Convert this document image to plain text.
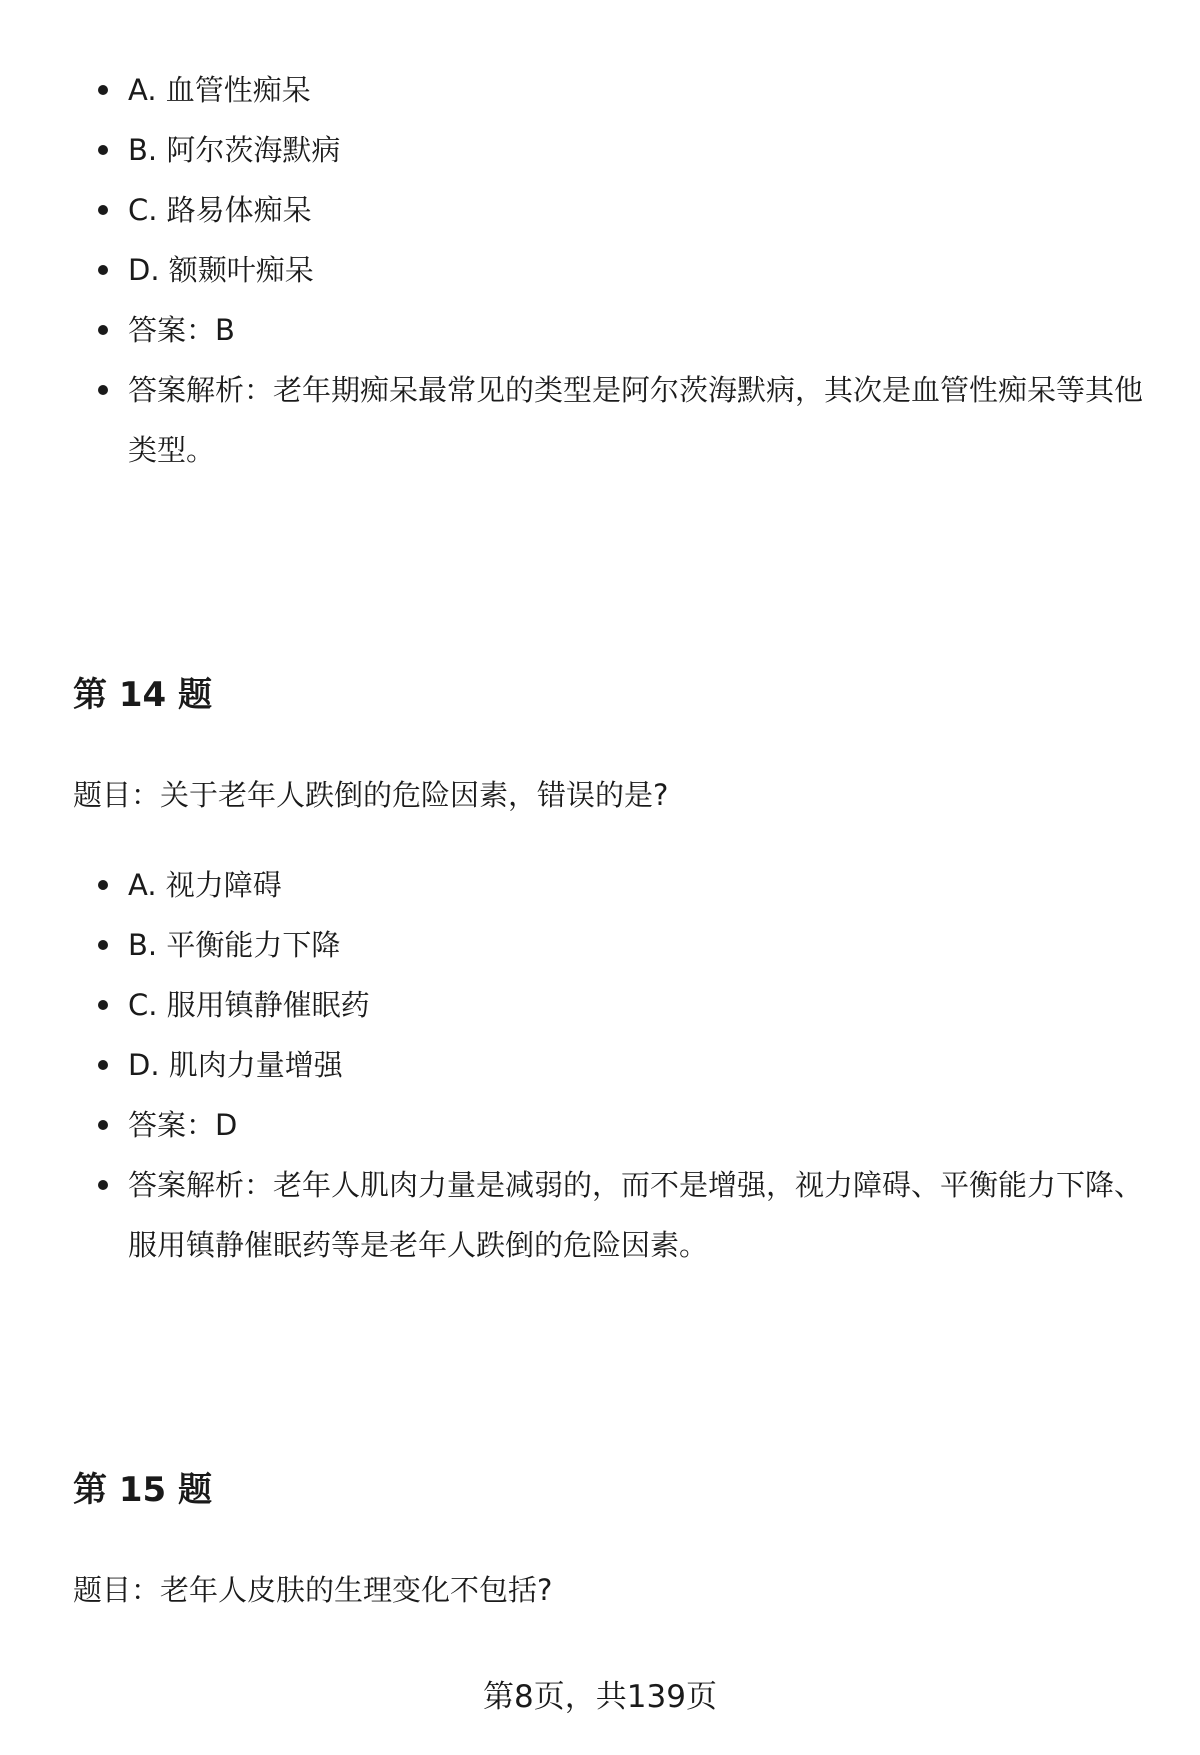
A. 血管性痴呆
B. 阿尔茨海默病
C. 路易体痴呆
D. 额颞叶痴呆
答案：B
答案解析：老年期痴呆最常见的类型是阿尔茨海默病，其次是血管性痴呆等其他类型。
第 14 题

题目：关于老年人跌倒的危险因素，错误的是?

A. 视力障碍
B. 平衡能力下降
C. 服用镇静催眠药
D. 肌肉力量增强
答案：D
答案解析：老年人肌肉力量是减弱的，而不是增强，视力障碍、平衡能力下降、服用镇静催眠药等是老年人跌倒的危险因素。
第 15 题

题目：老年人皮肤的生理变化不包括?

第8页，共139页
